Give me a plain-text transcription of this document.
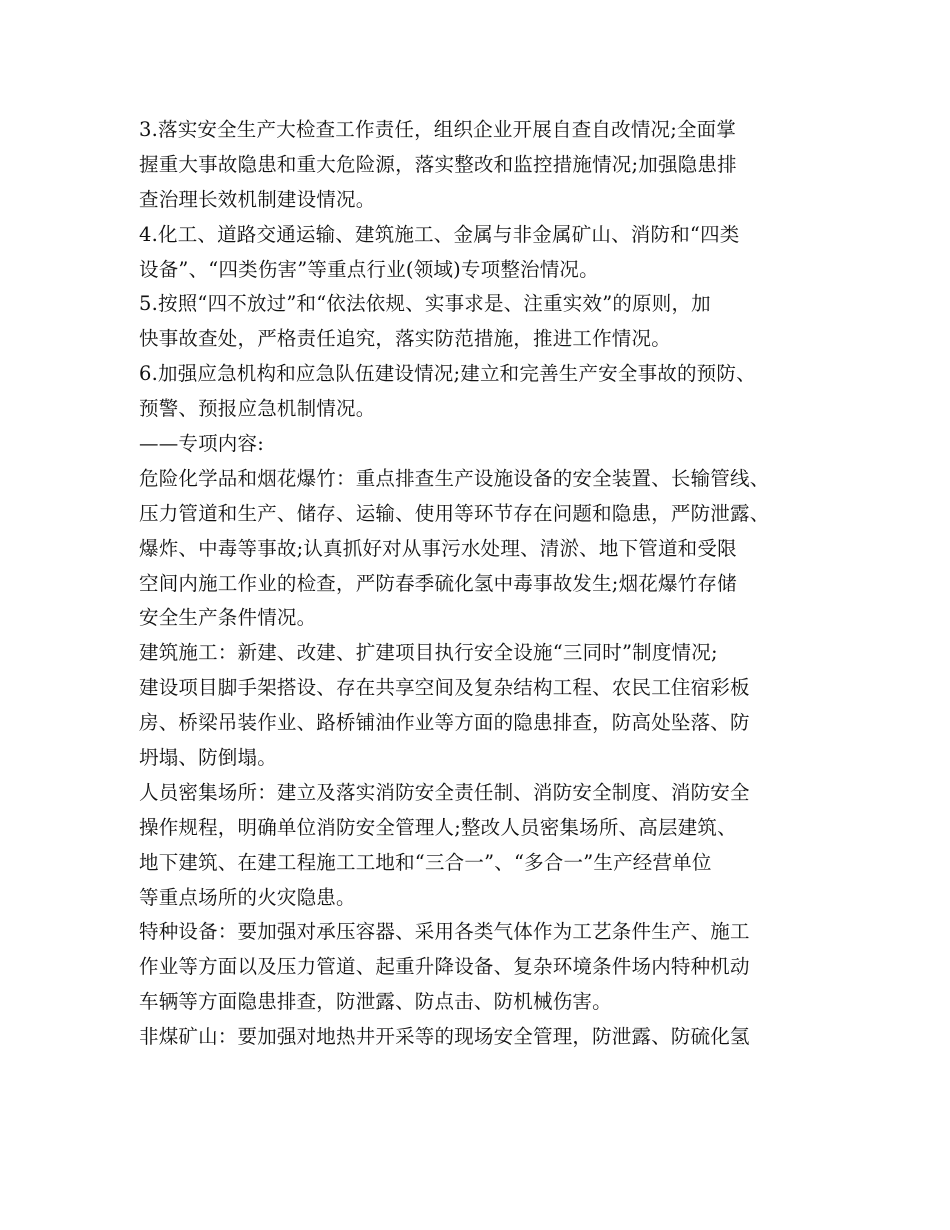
3.落实安全生产大检查工作责任，组织企业开展自查自改情况;全面掌
握重大事故隐患和重大危险源，落实整改和监控措施情况;加强隐患排
查治理长效机制建设情况。
4.化工、道路交通运输、建筑施工、金属与非金属矿山、消防和“四类
设备”、“四类伤害”等重点行业(领域)专项整治情况。
5.按照“四不放过”和“依法依规、实事求是、注重实效”的原则，加
快事故查处，严格责任追究，落实防范措施，推进工作情况。
6.加强应急机构和应急队伍建设情况;建立和完善生产安全事故的预防、
预警、预报应急机制情况。
——专项内容:
危险化学品和烟花爆竹：重点排查生产设施设备的安全装置、长输管线、
压力管道和生产、储存、运输、使用等环节存在问题和隐患，严防泄露、
爆炸、中毒等事故;认真抓好对从事污水处理、清淤、地下管道和受限
空间内施工作业的检查，严防春季硫化氢中毒事故发生;烟花爆竹存储
安全生产条件情况。
建筑施工：新建、改建、扩建项目执行安全设施“三同时”制度情况;
建设项目脚手架搭设、存在共享空间及复杂结构工程、农民工住宿彩板
房、桥梁吊装作业、路桥铺油作业等方面的隐患排查，防高处坠落、防
坍塌、防倒塌。
人员密集场所：建立及落实消防安全责任制、消防安全制度、消防安全
操作规程，明确单位消防安全管理人;整改人员密集场所、高层建筑、
地下建筑、在建工程施工工地和“三合一”、“多合一”生产经营单位
等重点场所的火灾隐患。
特种设备：要加强对承压容器、采用各类气体作为工艺条件生产、施工
作业等方面以及压力管道、起重升降设备、复杂环境条件场内特种机动
车辆等方面隐患排查，防泄露、防点击、防机械伤害。
非煤矿山：要加强对地热井开采等的现场安全管理，防泄露、防硫化氢
